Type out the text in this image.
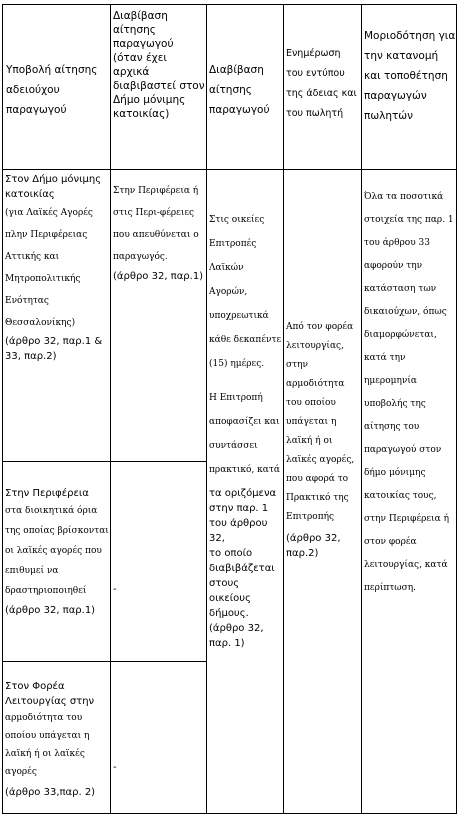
Υποβολή αίτησης αδειούχου παραγωγού

Διαβίβαση αίτησης παραγωγού (όταν έχει αρχικά διαβιβαστεί στον Δήμο μόνιμης κατοικίας)

Διαβίβαση αίτησης παραγωγού

Ενημέρωση του εντύπου της άδειας και του πωλητή

Μοριοδότηση για την κατανομή και τοποθέτηση παραγωγών πωλητών

Στον Δήμο μόνιμης κατοικίας

(για Λαϊκές Αγορές πλην Περιφέρειας Αττικής και Μητροπολιτικής Ενότητας Θεσσαλονίκης)

(άρθρο 32, παρ.1 & 33, παρ.2)

Στην Περιφέρεια ή στις Περι-φέρειες που απευθύνεται ο παραγωγός.

(άρθρο 32, παρ.1)

Στην Περιφέρεια

στα διοικητικά όρια της οποίας βρίσκονται οι λαϊκές αγορές που επιθυμεί να δραστηριοποιηθεί

(άρθρο 32, παρ.1)

-

Στον Φορέα Λειτουργίας στην

αρμοδιότητα του οποίου υπάγεται η λαϊκή ή οι λαϊκές αγορές

(άρθρο 33,παρ. 2)

-

Στις οικείες Επιτροπές Λαϊκών Αγορών, υποχρεωτικά κάθε δεκαπέντε (15) ημέρες.

Η Επιτροπή αποφασίζει και συντάσσει πρακτικό, κατά

τα οριζόμενα στην παρ. 1 του άρθρου 32,

το οποίο διαβιβάζεται στους οικείους δήμους.

(άρθρο 32, παρ. 1)

Από τον φορέα λειτουργίας, στην αρμοδιότητα του οποίου υπάγεται η λαϊκή ή οι λαϊκές αγορές, που αφορά το Πρακτικό της Επιτροπής

(άρθρο 32, παρ.2)

Όλα τα ποσοτικά στοιχεία της παρ. 1 του άρθρου 33 αφορούν την κατάσταση των δικαιούχων, όπως διαμορφώνεται, κατά την ημερομηνία υποβολής της αίτησης του παραγωγού στον δήμο μόνιμης κατοικίας τους, στην Περιφέρεια ή στον φορέα λειτουργίας, κατά περίπτωση.
